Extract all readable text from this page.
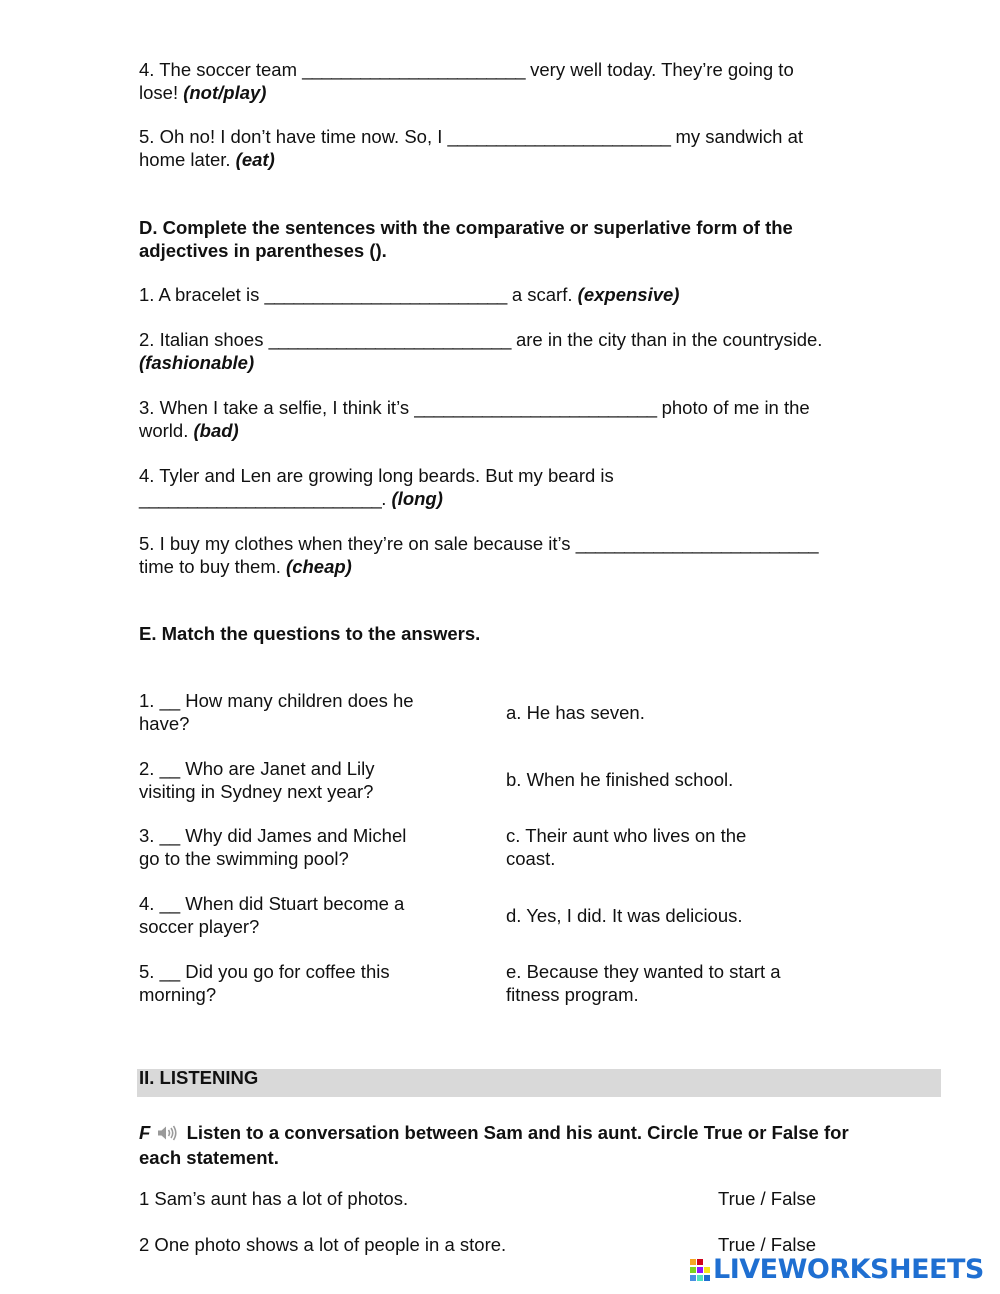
4. The soccer team _______________________ very well today. They’re going to
lose! (not/play)
5. Oh no! I don’t have time now. So, I _______________________ my sandwich at
home later. (eat)
D. Complete the sentences with the comparative or superlative form of the
adjectives in parentheses ().
1. A bracelet is _________________________ a scarf. (expensive)
2. Italian shoes _________________________ are in the city than in the countryside.
(fashionable)
3. When I take a selfie, I think it’s _________________________ photo of me in the
world. (bad)
4. Tyler and Len are growing long beards. But my beard is
_________________________. (long)
5. I buy my clothes when they’re on sale because it’s _________________________
time to buy them. (cheap)
E. Match the questions to the answers.
1. __ How many children does he
have?
a. He has seven.
2. __ Who are Janet and Lily
visiting in Sydney next year?
b. When he finished school.
3. __ Why did James and Michel
go to the swimming pool?
c. Their aunt who lives on the
coast.
4. __ When did Stuart become a
soccer player?
d. Yes, I did. It was delicious.
5. __ Did you go for coffee this
morning?
e. Because they wanted to start a
fitness program.
II. LISTENING
F Listen to a conversation between Sam and his aunt. Circle True or False for
each statement.
1 Sam’s aunt has a lot of photos.	True / False
2 One photo shows a lot of people in a store.	True / False
LIVEWORKSHEETS
